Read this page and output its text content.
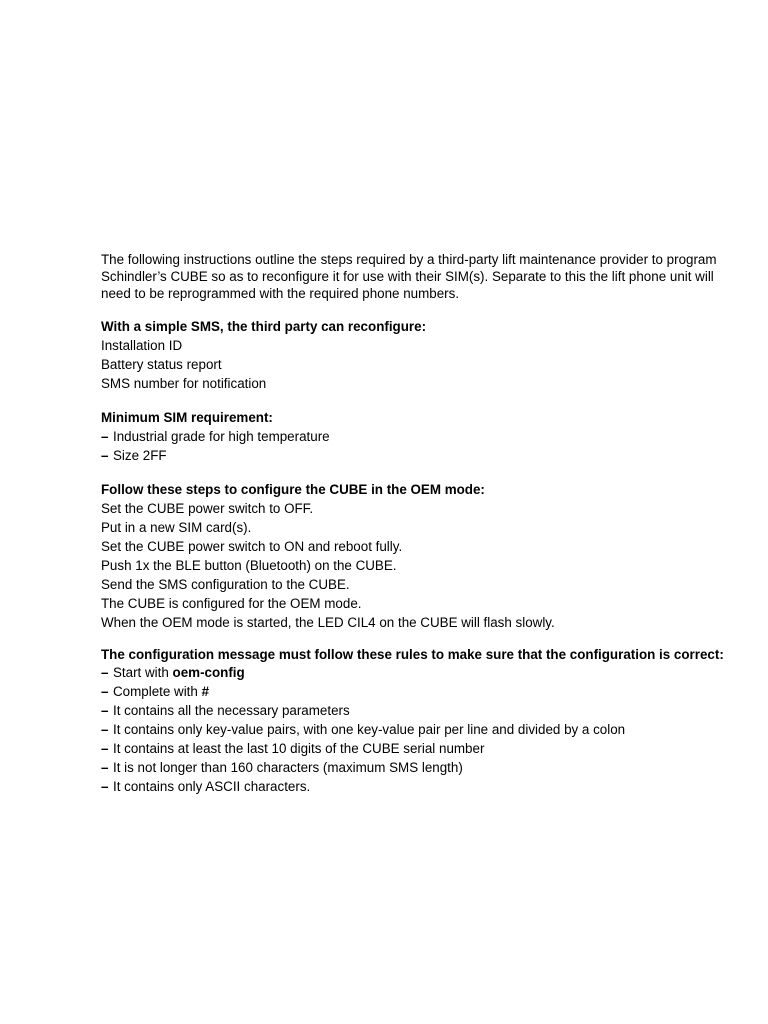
The following instructions outline the steps required by a third-party lift maintenance provider to program Schindler’s CUBE so as to reconfigure it for use with their SIM(s). Separate to this the lift phone unit will need to be reprogrammed with the required phone numbers.

With a simple SMS, the third party can reconfigure:
Installation ID
Battery status report
SMS number for notification
Minimum SIM requirement:
– Industrial grade for high temperature
– Size 2FF
Follow these steps to configure the CUBE in the OEM mode:
Set the CUBE power switch to OFF.
Put in a new SIM card(s).
Set the CUBE power switch to ON and reboot fully.
Push 1x the BLE button (Bluetooth) on the CUBE.
Send the SMS configuration to the CUBE.
The CUBE is configured for the OEM mode.
When the OEM mode is started, the LED CIL4 on the CUBE will flash slowly.
The configuration message must follow these rules to make sure that the configuration is correct:
– Start with oem-config
– Complete with #
– It contains all the necessary parameters
– It contains only key-value pairs, with one key-value pair per line and divided by a colon
– It contains at least the last 10 digits of the CUBE serial number
– It is not longer than 160 characters (maximum SMS length)
– It contains only ASCII characters.
